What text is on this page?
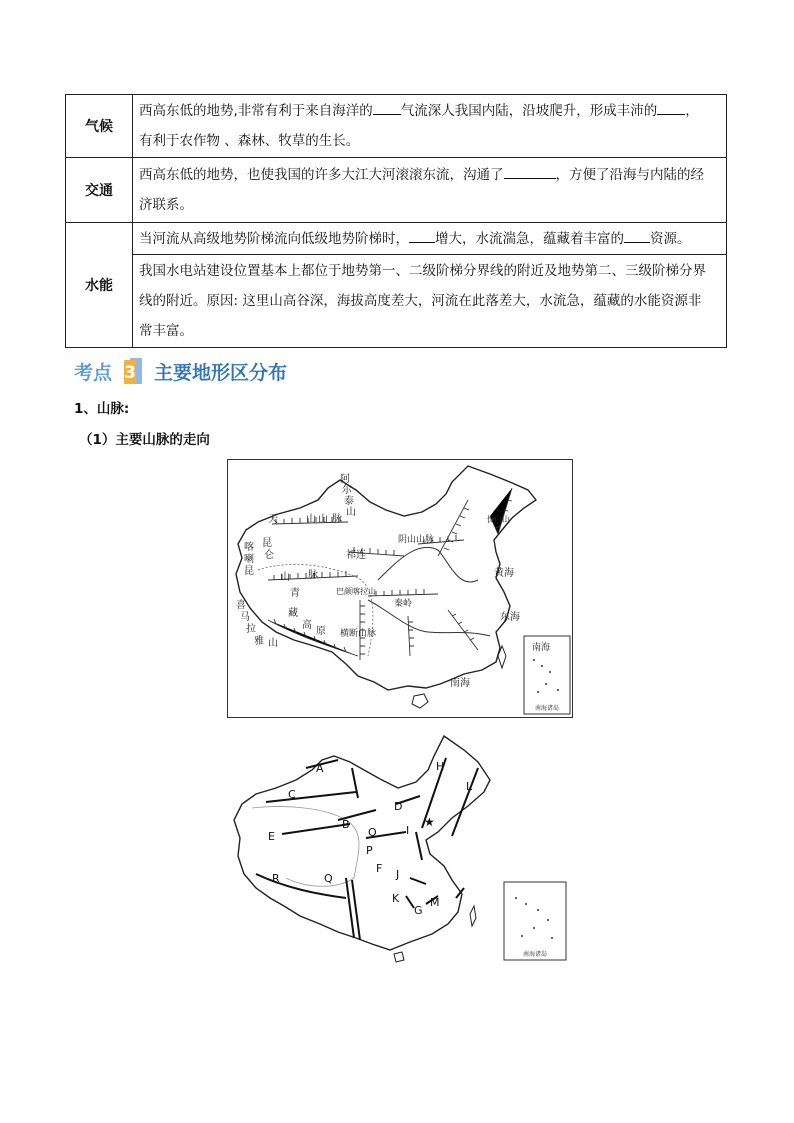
气候	西高东低的地势,非常有利于来自海洋的 气流深人我国内陆，沿坡爬升，形成丰沛的 ，
有利于农作物 、森林、牧草的生长。
交通	西高东低的地势，也使我国的许多大江大河滚滚东流，沟通了 ，方便了沿海与内陆的经
济联系。
水能	当河流从高级地势阶梯流向低级地势阶梯时， 增大，水流湍急，蕴藏着丰富的 资源。
	我国水电站建设位置基本上都位于地势第一、二级阶梯分界线的附近及地势第二、三级阶梯分界
线的附近。原因: 这里山高谷深，海拔高度差大，河流在此落差大，水流急，蕴藏的水能资源非
常丰富。
考点 3 主要地形区分布
1、山脉:
（1）主要山脉的走向
天	山 山 脉
阿
尔
泰
山
喀
喇
昆
昆
仑
山 脉
青
藏
高
原
喜
马
拉
雅 山
祁连
巴颜喀拉山
横断山脉
阴山山脉
秦岭
长白山
黄海
东海
南海
南海
南海诸岛
A
B
C
D
E
F
G
H
I
J
K
L
M
O
P
Q
R
★
南海诸岛
